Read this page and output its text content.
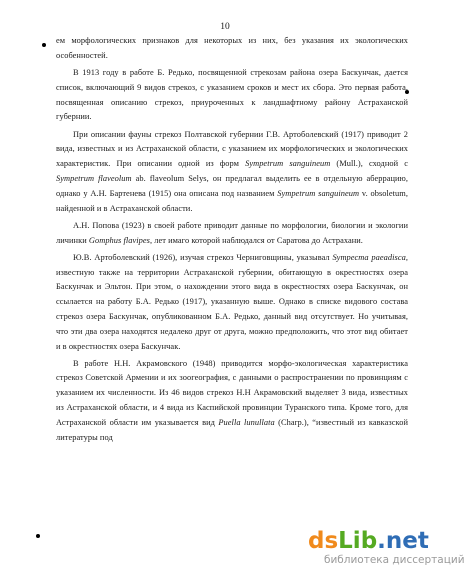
10

ем морфологических признаков для некоторых из них, без указания их экологических особенностей.

В 1913 году в работе Б. Редько, посвященной стрекозам района озера Баскунчак, дается список, включающий 9 видов стрекоз, с указанием сроков и мест их сбора. Это первая работа, посвященная описанию стрекоз, приуроченных к ландшафтному району Астраханской губернии.

При описании фауны стрекоз Полтавской губернии Г.В. Артоболевский (1917) приводит 2 вида, известных и из Астраханской области, с указанием их морфологических и экологических характеристик. При описании одной из форм Sympetrum sanguineum (Mull.), сходной с Sympetrum flaveolum ab. flaveolum Selys, он предлагал выделить ее в отдельную аберрацию, однако у А.Н. Бартенева (1915) она описана под названием Sympetrum sanguineum v. obsoletum, найденной и в Астраханской области.

А.Н. Попова (1923) в своей работе приводит данные по морфологии, биологии и экологии личинки Gomphus flavipes, лет имаго которой наблюдался от Саратова до Астрахани.

Ю.В. Артоболевский (1926), изучая стрекоз Черниговщины, указывал Sympecma paeadisca, известную также на территории Астраханской губернии, обитающую в окрестностях озера Баскунчак и Эльтон. При этом, о нахождении этого вида в окрестностях озера Баскунчак, он ссылается на работу Б.А. Редько (1917), указанную выше. Однако в списке видового состава стрекоз озера Баскунчак, опубликованном Б.А. Редько, данный вид отсутствует. Но учитывая, что эти два озера находятся недалеко друг от друга, можно предположить, что этот вид обитает и в окрестностях озера Баскунчак.

В работе Н.Н. Акрамовского (1948) приводится морфо-экологическая характеристика стрекоз Советской Армении и их зоогеография, с данными о распространении по провинциям с указанием их численности. Из 46 видов стрекоз Н.Н Акрамовский выделяет 3 вида, известных из Астраханской области, и 4 вида из Каспийской провинции Туранского типа. Кроме того, для Астраханской области им указывается вид Puella lunullata (Charp.), “известный из кавказской литературы под

dsLib.net
библиотека диссертаций
